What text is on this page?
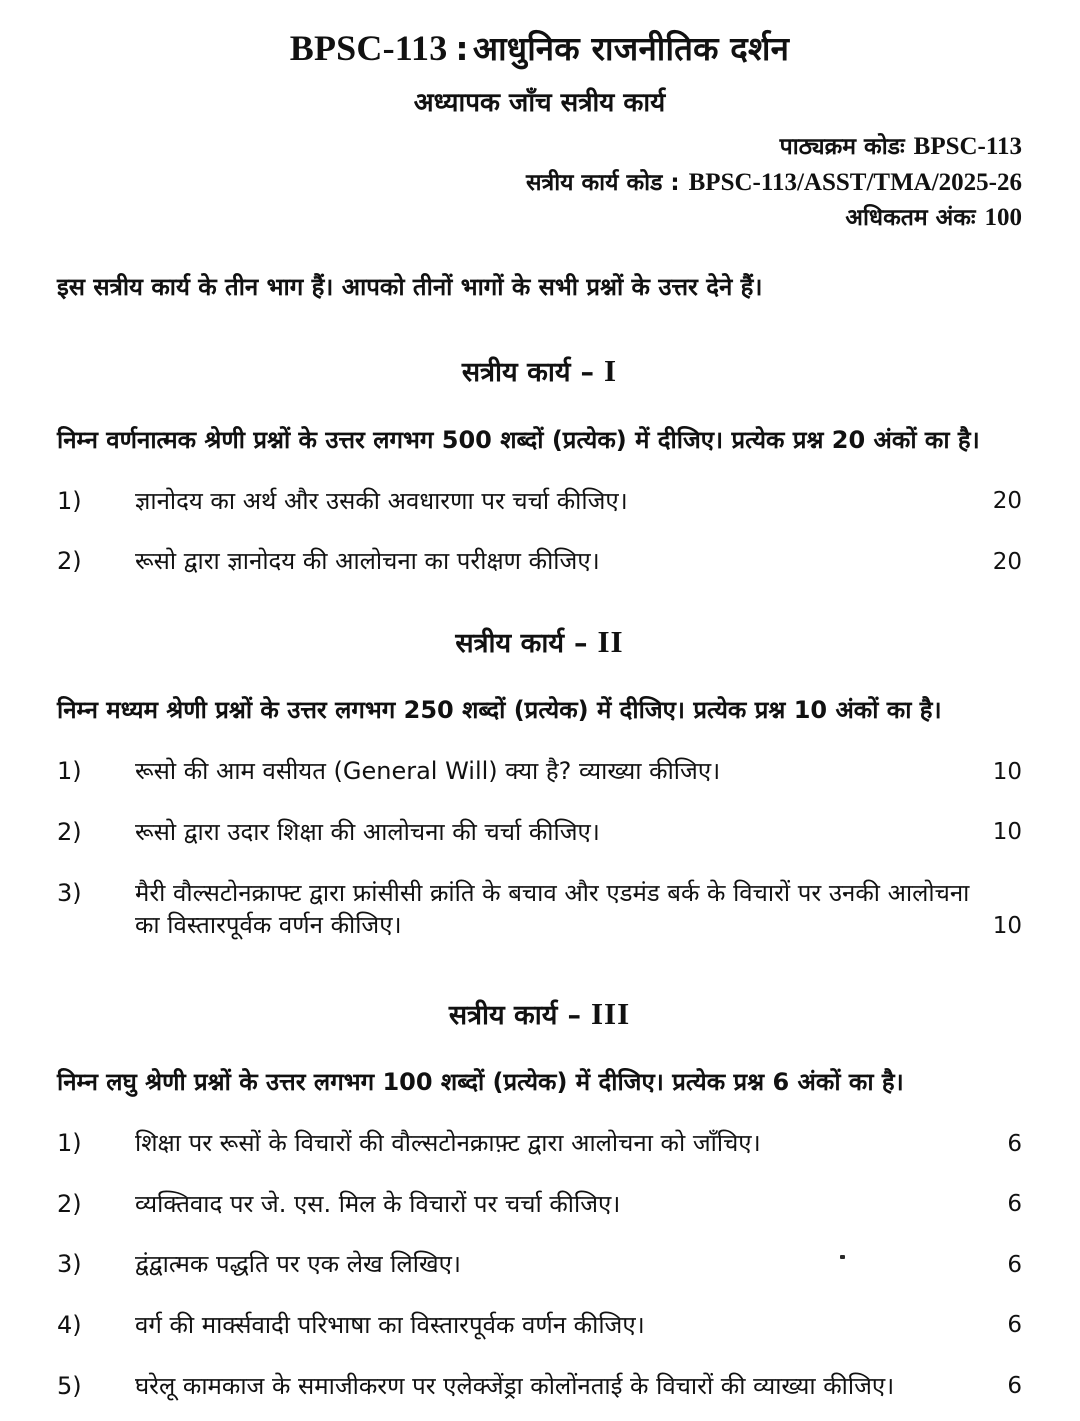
BPSC-113 : आधुनिक राजनीतिक दर्शन
अध्यापक जाँच सत्रीय कार्य
पाठ्यक्रम कोडः BPSC-113
सत्रीय कार्य कोड : BPSC-113/ASST/TMA/2025-26
अधिकतम अंकः 100
इस सत्रीय कार्य के तीन भाग हैं। आपको तीनों भागों के सभी प्रश्नों के उत्तर देने हैं।
सत्रीय कार्य – I
निम्न वर्णनात्मक श्रेणी प्रश्नों के उत्तर लगभग 500 शब्दों (प्रत्येक) में दीजिए। प्रत्येक प्रश्न 20 अंकों का है।
1)	ज्ञानोदय का अर्थ और उसकी अवधारणा पर चर्चा कीजिए।	20
2)	रूसो द्वारा ज्ञानोदय की आलोचना का परीक्षण कीजिए।	20
सत्रीय कार्य – II
निम्न मध्यम श्रेणी प्रश्नों के उत्तर लगभग 250 शब्दों (प्रत्येक) में दीजिए। प्रत्येक प्रश्न 10 अंकों का है।
1)	रूसो की आम वसीयत (General Will) क्या है? व्याख्या कीजिए।	10
2)	रूसो द्वारा उदार शिक्षा की आलोचना की चर्चा कीजिए।	10
3)	मैरी वौल्सटोनक्राफ्ट द्वारा फ्रांसीसी क्रांति के बचाव और एडमंड बर्क के विचारों पर उनकी आलोचना का विस्तारपूर्वक वर्णन कीजिए।	10
सत्रीय कार्य – III
निम्न लघु श्रेणी प्रश्नों के उत्तर लगभग 100 शब्दों (प्रत्येक) में दीजिए। प्रत्येक प्रश्न 6 अंकों का है।
1)	शिक्षा पर रूसों के विचारों की वौल्सटोनक्राफ़्ट द्वारा आलोचना को जाँचिए।	6
2)	व्यक्तिवाद पर जे. एस. मिल के विचारों पर चर्चा कीजिए।	6
3)	द्वंद्वात्मक पद्धति पर एक लेख लिखिए।	6
4)	वर्ग की मार्क्सवादी परिभाषा का विस्तारपूर्वक वर्णन कीजिए।	6
5)	घरेलू कामकाज के समाजीकरण पर एलेक्जेंड्रा कोलोंनताई के विचारों की व्याख्या कीजिए।	6
